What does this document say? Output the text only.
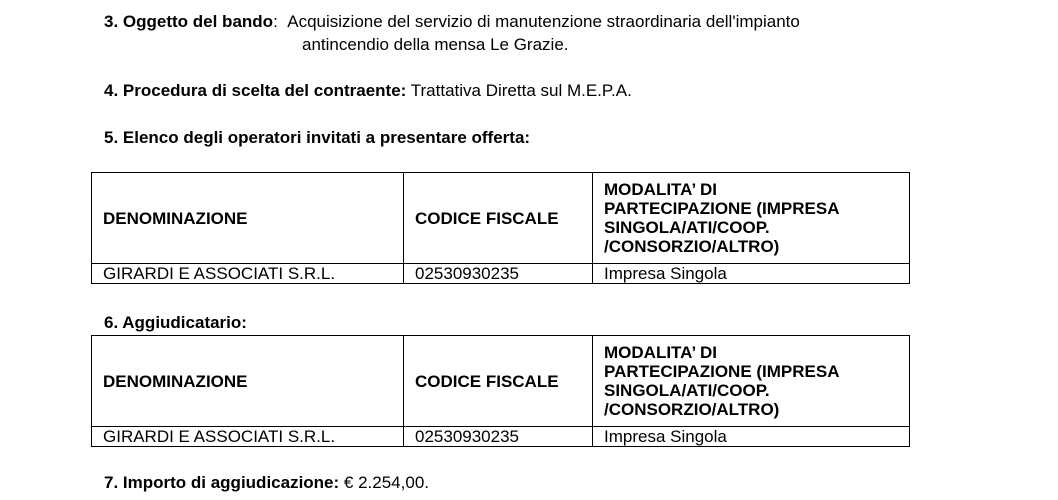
3. Oggetto del bando: Acquisizione del servizio di manutenzione straordinaria dell'impianto
antincendio della mensa Le Grazie.
4. Procedura di scelta del contraente: Trattativa Diretta sul M.E.P.A.
5. Elenco degli operatori invitati a presentare offerta:
DENOMINAZIONE	CODICE FISCALE	MODALITA’ DI
PARTECIPAZIONE (IMPRESA
SINGOLA/ATI/COOP.
/CONSORZIO/ALTRO)

GIRARDI E ASSOCIATI S.R.L.	02530930235	Impresa Singola
6. Aggiudicatario:
DENOMINAZIONE	CODICE FISCALE	MODALITA’ DI
PARTECIPAZIONE (IMPRESA
SINGOLA/ATI/COOP.
/CONSORZIO/ALTRO)

GIRARDI E ASSOCIATI S.R.L.	02530930235	Impresa Singola
7. Importo di aggiudicazione: € 2.254,00.
